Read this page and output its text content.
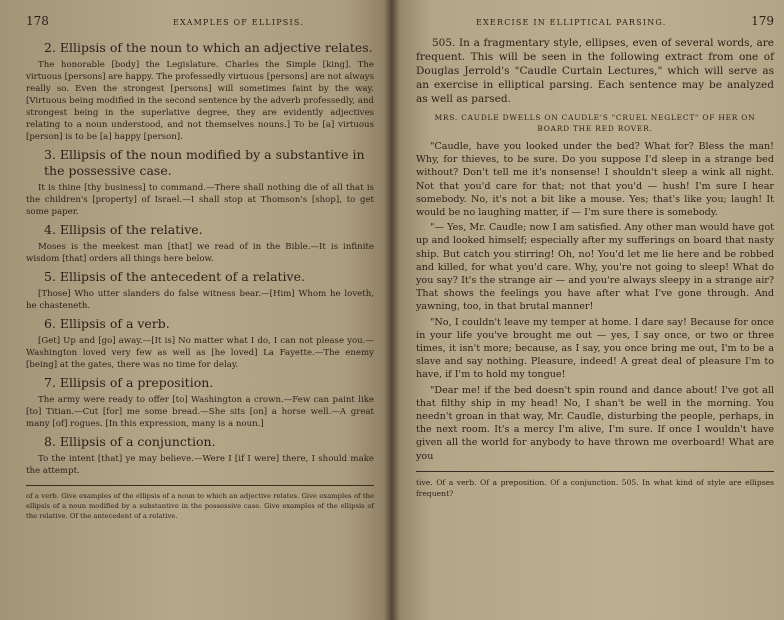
178	EXAMPLES OF ELLIPSIS.
2. Ellipsis of the noun to which an adjective relates.

The honorable [body] the Legislature. Charles the Simple [king]. The virtuous [persons] are happy. The professedly virtuous [persons] are not always really so. Even the strongest [persons] will sometimes faint by the way. [Virtuous being modified in the second sentence by the adverb professedly, and strongest being in the superlative degree, they are evidently adjectives relating to a noun understood, and not themselves nouns.] To be [a] virtuous [person] is to be [a] happy [person].

3. Ellipsis of the noun modified by a substantive in the possessive case.

It is thine [thy business] to command.—There shall nothing die of all that is the children's [property] of Israel.—I shall stop at Thomson's [shop], to get some paper.

4. Ellipsis of the relative.

Moses is the meekest man [that] we read of in the Bible.—It is infinite wisdom [that] orders all things here below.

5. Ellipsis of the antecedent of a relative.

[Those] Who utter slanders do false witness bear.—[Him] Whom he loveth, he chasteneth.

6. Ellipsis of a verb.

[Get] Up and [go] away.—[It is] No matter what I do, I can not please you.—Washington loved very few as well as [he loved] La Fayette.—The enemy [being] at the gates, there was no time for delay.

7. Ellipsis of a preposition.

The army were ready to offer [to] Washington a crown.—Few can paint like [to] Titian.—Cut [for] me some bread.—She sits [on] a horse well.—A great many [of] rogues. [In this expression, many is a noun.]

8. Ellipsis of a conjunction.

To the intent [that] ye may believe.—Were I [if I were] there, I should make the attempt.

of a verb. Give examples of the ellipsis of a noun to which an adjective relates. Give examples of the ellipsis of a noun modified by a substantive in the possessive case. Give examples of the ellipsis of the relative. Of the antecedent of a relative.
EXERCISE IN ELLIPTICAL PARSING.	179

505. In a fragmentary style, ellipses, even of several words, are frequent. This will be seen in the following extract from one of Douglas Jerrold's "Caudle Curtain Lectures," which will serve as an exercise in elliptical parsing. Each sentence may be analyzed as well as parsed.

MRS. CAUDLE DWELLS ON CAUDLE'S "CRUEL NEGLECT" OF HER ON BOARD THE RED ROVER.

"Caudle, have you looked under the bed? What for? Bless the man! Why, for thieves, to be sure. Do you suppose I'd sleep in a strange bed without? Don't tell me it's nonsense! I shouldn't sleep a wink all night. Not that you'd care for that; not that you'd — hush! I'm sure I hear somebody. No, it's not a bit like a mouse. Yes; that's like you; laugh! It would be no laughing matter, if — I'm sure there is somebody.

"— Yes, Mr. Caudle; now I am satisfied. Any other man would have got up and looked himself; especially after my sufferings on board that nasty ship. But catch you stirring! Oh, no! You'd let me lie here and be robbed and killed, for what you'd care. Why, you're not going to sleep! What do you say? It's the strange air — and you're always sleepy in a strange air? That shows the feelings you have after what I've gone through. And yawning, too, in that brutal manner!

"No, I couldn't leave my temper at home. I dare say! Because for once in your life you've brought me out — yes, I say once, or two or three times, it isn't more; because, as I say, you once bring me out, I'm to be a slave and say nothing. Pleasure, indeed! A great deal of pleasure I'm to have, if I'm to hold my tongue!

"Dear me! if the bed doesn't spin round and dance about! I've got all that filthy ship in my head! No, I shan't be well in the morning. You needn't groan in that way, Mr. Caudle, disturbing the people, perhaps, in the next room. It's a mercy I'm alive, I'm sure. If once I wouldn't have given all the world for anybody to have thrown me overboard! What are you

tive. Of a verb. Of a preposition. Of a conjunction. 505. In what kind of style are ellipses frequent?
